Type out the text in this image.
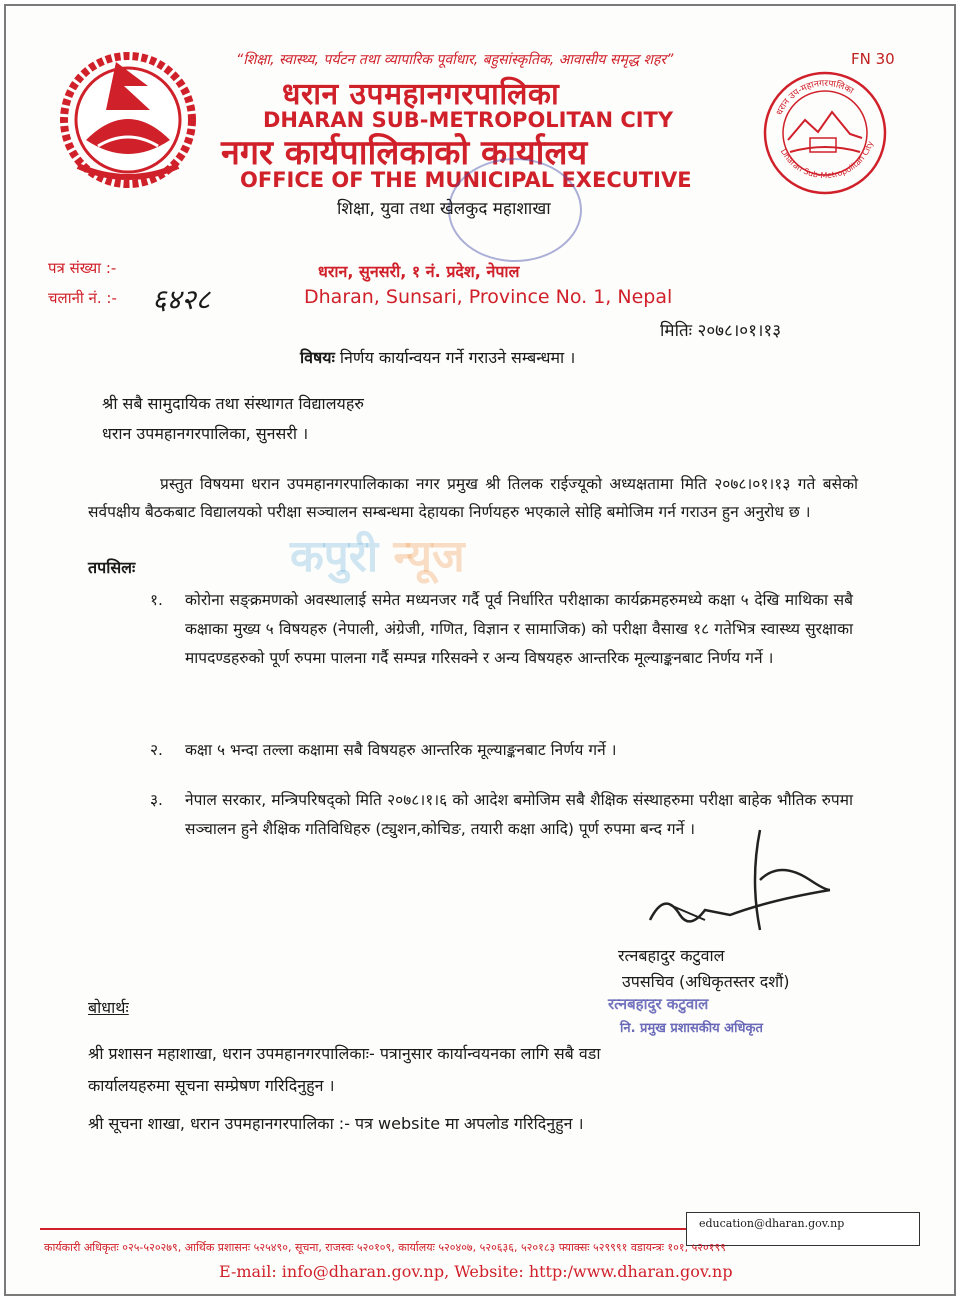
धरान उप-महानगरपालिका
Dharan Sub-Metropolitan City
FN 30
“शिक्षा, स्वास्थ्य, पर्यटन तथा व्यापारिक पूर्वाधार, बहुसांस्कृतिक, आवासीय समृद्ध शहर”
धरान उपमहानगरपालिका
DHARAN SUB-METROPOLITAN CITY
नगर कार्यपालिकाको कार्यालय
OFFICE OF THE MUNICIPAL EXECUTIVE
शिक्षा, युवा तथा खेलकुद महाशाखा
पत्र संख्या :-
चलानी नं. :- ६४२८
धरान, सुनसरी, १ नं. प्रदेश, नेपाल
Dharan, Sunsari, Province No. 1, Nepal
मितिः २०७८।०१।१३
विषयः निर्णय कार्यान्वयन गर्ने गराउने सम्बन्धमा ।
श्री सबै सामुदायिक तथा संस्थागत विद्यालयहरु
धरान उपमहानगरपालिका, सुनसरी ।
प्रस्तुत विषयमा धरान उपमहानगरपालिकाका नगर प्रमुख श्री तिलक राईज्यूको अध्यक्षतामा मिति २०७८।०१।१३ गते बसेको सर्वपक्षीय बैठकबाट विद्यालयको परीक्षा सञ्चालन सम्बन्धमा देहायका निर्णयहरु भएकाले सोहि बमोजिम गर्न गराउन हुन अनुरोध छ ।
कपुरी न्यूज
तपसिलः
१.	कोरोना सङ्क्रमणको अवस्थालाई समेत मध्यनजर गर्दै पूर्व निर्धारित परीक्षाका कार्यक्रमहरुमध्ये कक्षा ५ देखि माथिका सबै कक्षाका मुख्य ५ विषयहरु (नेपाली, अंग्रेजी, गणित, विज्ञान र सामाजिक) को परीक्षा वैसाख १८ गतेभित्र स्वास्थ्य सुरक्षाका मापदण्डहरुको पूर्ण रुपमा पालना गर्दै सम्पन्न गरिसक्ने र अन्य विषयहरु आन्तरिक मूल्याङ्कनबाट निर्णय गर्ने ।
२.	कक्षा ५ भन्दा तल्ला कक्षामा सबै विषयहरु आन्तरिक मूल्याङ्कनबाट निर्णय गर्ने ।
३.	नेपाल सरकार, मन्त्रिपरिषद्को मिति २०७८।१।६ को आदेश बमोजिम सबै शैक्षिक संस्थाहरुमा परीक्षा बाहेक भौतिक रुपमा सञ्चालन हुने शैक्षिक गतिविधिहरु (ट्युशन,कोचिङ, तयारी कक्षा आदि) पूर्ण रुपमा बन्द गर्ने ।
रत्नबहादुर कटुवाल
उपसचिव (अधिकृतस्तर दशौं)
रत्नबहादुर कटुवाल
नि. प्रमुख प्रशासकीय अधिकृत
बोधार्थः
श्री प्रशासन महाशाखा, धरान उपमहानगरपालिकाः- पत्रानुसार कार्यान्वयनका लागि सबै वडा
कार्यालयहरुमा सूचना सम्प्रेषण गरिदिनुहुन ।
श्री सूचना शाखा, धरान उपमहानगरपालिका :- पत्र website मा अपलोड गरिदिनुहुन ।
education@dharan.gov.np
कार्यकारी अधिकृतः ०२५-५२०२७९, आर्थिक प्रशासनः ५२५४९०, सूचना, राजस्वः ५२०१०९, कार्यालयः ५२०४०७, ५२०६३६, ५२०१८३ फ्याक्सः ५२९९९१ वडायन्त्रः १०१, ५२०१९९
E-mail: info@dharan.gov.np, Website: http:/www.dharan.gov.np
